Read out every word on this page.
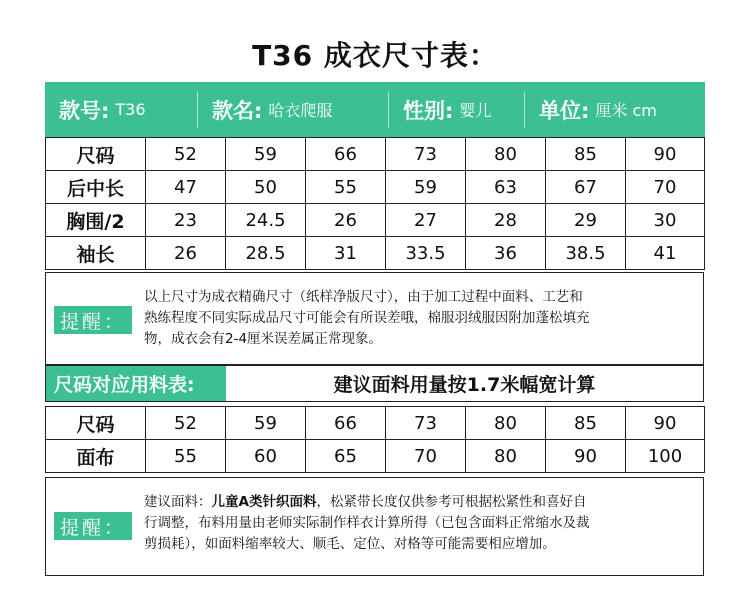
T36 成衣尺寸表：
款号: T36	款名: 哈衣爬服	性别: 婴儿 单位: 厘米 cm
尺码	52	59	66	73	80	85	90
后中长	47	50	55	59	63	67	70
胸围/2	23	24.5	26	27	28	29	30
袖长	26	28.5	31	33.5	36	38.5	41
提醒：
以上尺寸为成衣精确尺寸（纸样净版尺寸），由于加工过程中面料、工艺和
熟练程度不同实际成品尺寸可能会有所误差哦，棉服羽绒服因附加蓬松填充
物，成衣会有2-4厘米误差属正常现象。
尺码对应用料表:	建议面料用量按1.7米幅宽计算
尺码	52	59	66	73	80	85	90
面布	55	60	65	70	80	90	100
提醒：
建议面料：儿童A类针织面料，松紧带长度仅供参考可根据松紧性和喜好自
行调整，布料用量由老师实际制作样衣计算所得（已包含面料正常缩水及裁
剪损耗），如面料缩率较大、顺毛、定位、对格等可能需要相应增加。
